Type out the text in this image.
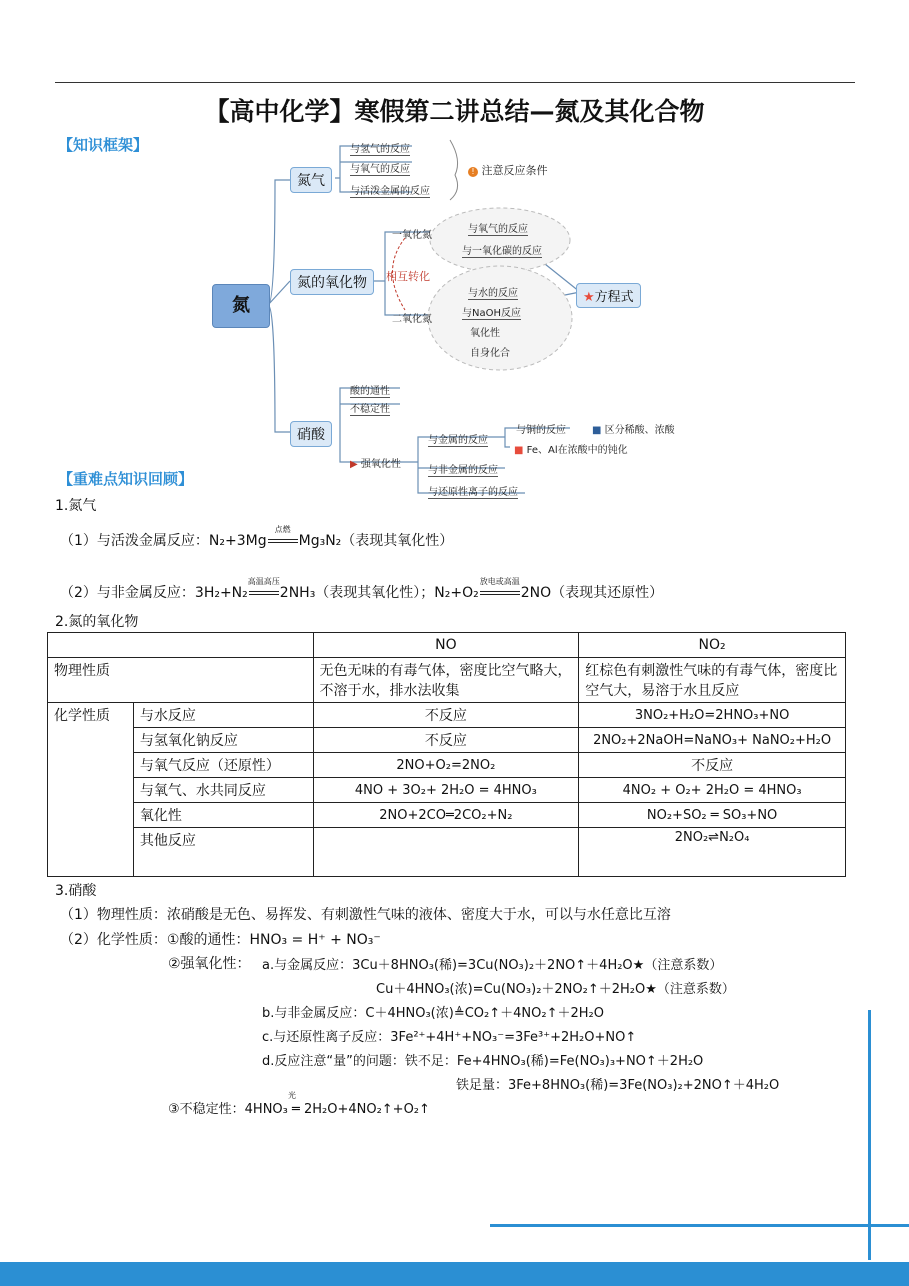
【高中化学】寒假第二讲总结—氮及其化合物
【知识框架】
氮
氮气
与氢气的反应
与氧气的反应
与活泼金属的反应
! 注意反应条件
氮的氧化物
一氧化氮
相互转化
二氧化氮
与氧气的反应
与一氧化碳的反应
与水的反应
与NaOH反应
氧化性
自身化合
★方程式
硝酸
酸的通性
不稳定性
▶ 强氧化性
与金属的反应
与非金属的反应
与还原性离子的反应
与铜的反应	■ 区分稀酸、浓酸
■ Fe、Al在浓酸中的钝化
【重难点知识回顾】
1.氮气
（1）与活泼金属反应：N₂+3Mg
点燃
Mg₃N₂（表现其氧化性）
（2）与非金属反应：3H₂+N₂
高温高压
2NH₃（表现其氧化性）；N₂+O₂
放电或高温
2NO（表现其还原性）
2.氮的氧化物
		NO	NO₂
物理性质		无色无味的有毒气体，密度比空气略大，不溶于水，排水法收集	红棕色有刺激性气味的有毒气体，密度比空气大，易溶于水且反应
化学性质	与水反应	不反应	3NO₂+H₂O=2HNO₃+NO
	与氢氧化钠反应	不反应	2NO₂+2NaOH=NaNO₃+ NaNO₂+H₂O
	与氧气反应（还原性）	2NO+O₂=2NO₂	不反应
	与氧气、水共同反应	4NO + 3O₂+ 2H₂O = 4HNO₃	4NO₂ + O₂+ 2H₂O = 4HNO₃
	氧化性	2NO+2CO═2CO₂+N₂	NO₂+SO₂ ═ SO₃+NO
	其他反应		2NO₂⇌N₂O₄
3.硝酸
（1）物理性质：浓硝酸是无色、易挥发、有刺激性气味的液体、密度大于水，可以与水任意比互溶
（2）化学性质：①酸的通性：HNO₃ = H⁺ + NO₃⁻
②强氧化性： a.与金属反应：3Cu＋8HNO₃(稀)=3Cu(NO₃)₂＋2NO↑＋4H₂O★（注意系数）
Cu＋4HNO₃(浓)=Cu(NO₃)₂＋2NO₂↑＋2H₂O★（注意系数）
b.与非金属反应：C＋4HNO₃(浓)≜CO₂↑＋4NO₂↑＋2H₂O
c.与还原性离子反应：3Fe²⁺+4H⁺+NO₃⁻=3Fe³⁺+2H₂O+NO↑
d.反应注意“量”的问题：铁不足：Fe+4HNO₃(稀)=Fe(NO₃)₃+NO↑＋2H₂O
铁足量：3Fe+8HNO₃(稀)=3Fe(NO₃)₂+2NO↑＋4H₂O
光
③不稳定性：4HNO₃ ═ 2H₂O+4NO₂↑+O₂↑
